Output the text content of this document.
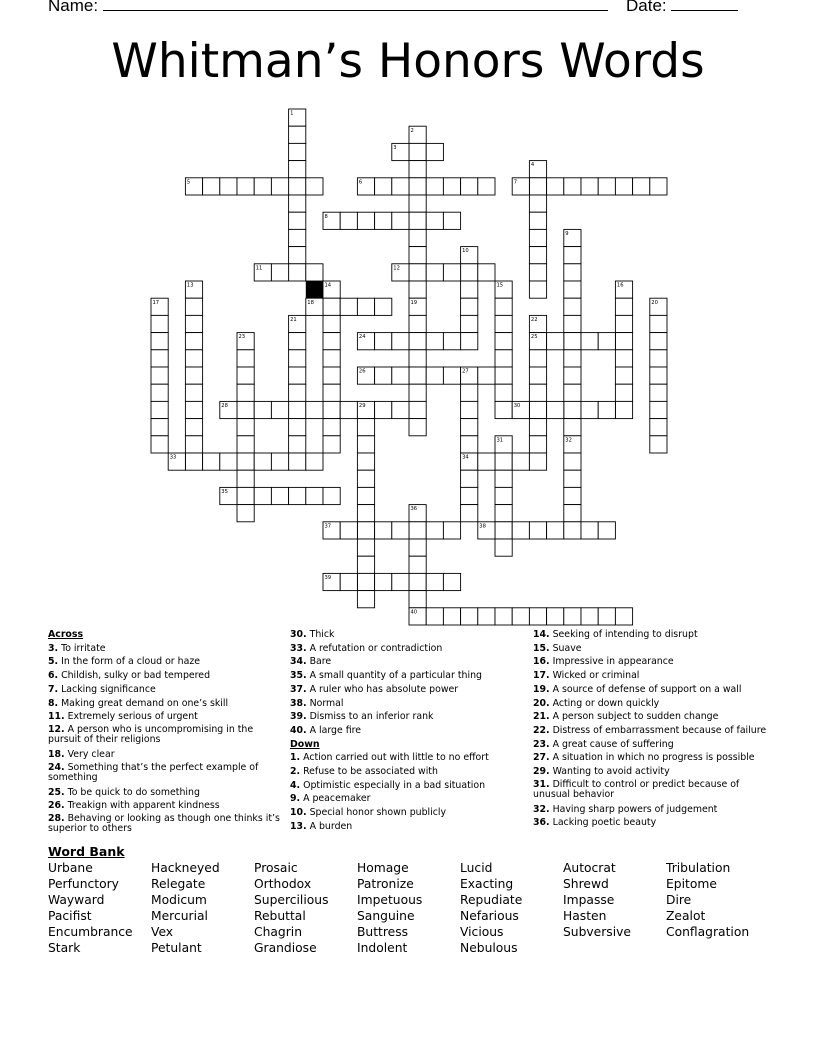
Name:	Date:
Whitman’s Honors Words
1
2
3
4
5	6	7
8
9
10
11	12
13	14	15	16
17	18	19	20
21	22
23	24	25
26	27
28	29	30
31	32
33	34
35
36
37	38
39
40
Across
3. To irritate
5. In the form of a cloud or haze
6. Childish, sulky or bad tempered
7. Lacking significance
8. Making great demand on one’s skill
11. Extremely serious of urgent
12. A person who is uncompromising in the pursuit of their religions
18. Very clear
24. Something that’s the perfect example of something
25. To be quick to do something
26. Treakign with apparent kindness
28. Behaving or looking as though one thinks it’s superior to others
30. Thick
33. A refutation or contradiction
34. Bare
35. A small quantity of a particular thing
37. A ruler who has absolute power
38. Normal
39. Dismiss to an inferior rank
40. A large fire
Down
1. Action carried out with little to no effort
2. Refuse to be associated with
4. Optimistic especially in a bad situation
9. A peacemaker
10. Special honor shown publicly
13. A burden
14. Seeking of intending to disrupt
15. Suave
16. Impressive in appearance
17. Wicked or criminal
19. A source of defense of support on a wall
20. Acting or down quickly
21. A person subject to sudden change
22. Distress of embarrassment because of failure
23. A great cause of suffering
27. A situation in which no progress is possible
29. Wanting to avoid activity
31. Difficult to control or predict because of unusual behavior
32. Having sharp powers of judgement
36. Lacking poetic beauty
Word Bank
Urbane
Perfunctory
Wayward
Pacifist
Encumbrance
Stark
Hackneyed
Relegate
Modicum
Mercurial
Vex
Petulant
Prosaic
Orthodox
Supercilious
Rebuttal
Chagrin
Grandiose
Homage
Patronize
Impetuous
Sanguine
Buttress
Indolent
Lucid
Exacting
Repudiate
Nefarious
Vicious
Nebulous
Autocrat
Shrewd
Impasse
Hasten
Subversive
Tribulation
Epitome
Dire
Zealot
Conflagration
